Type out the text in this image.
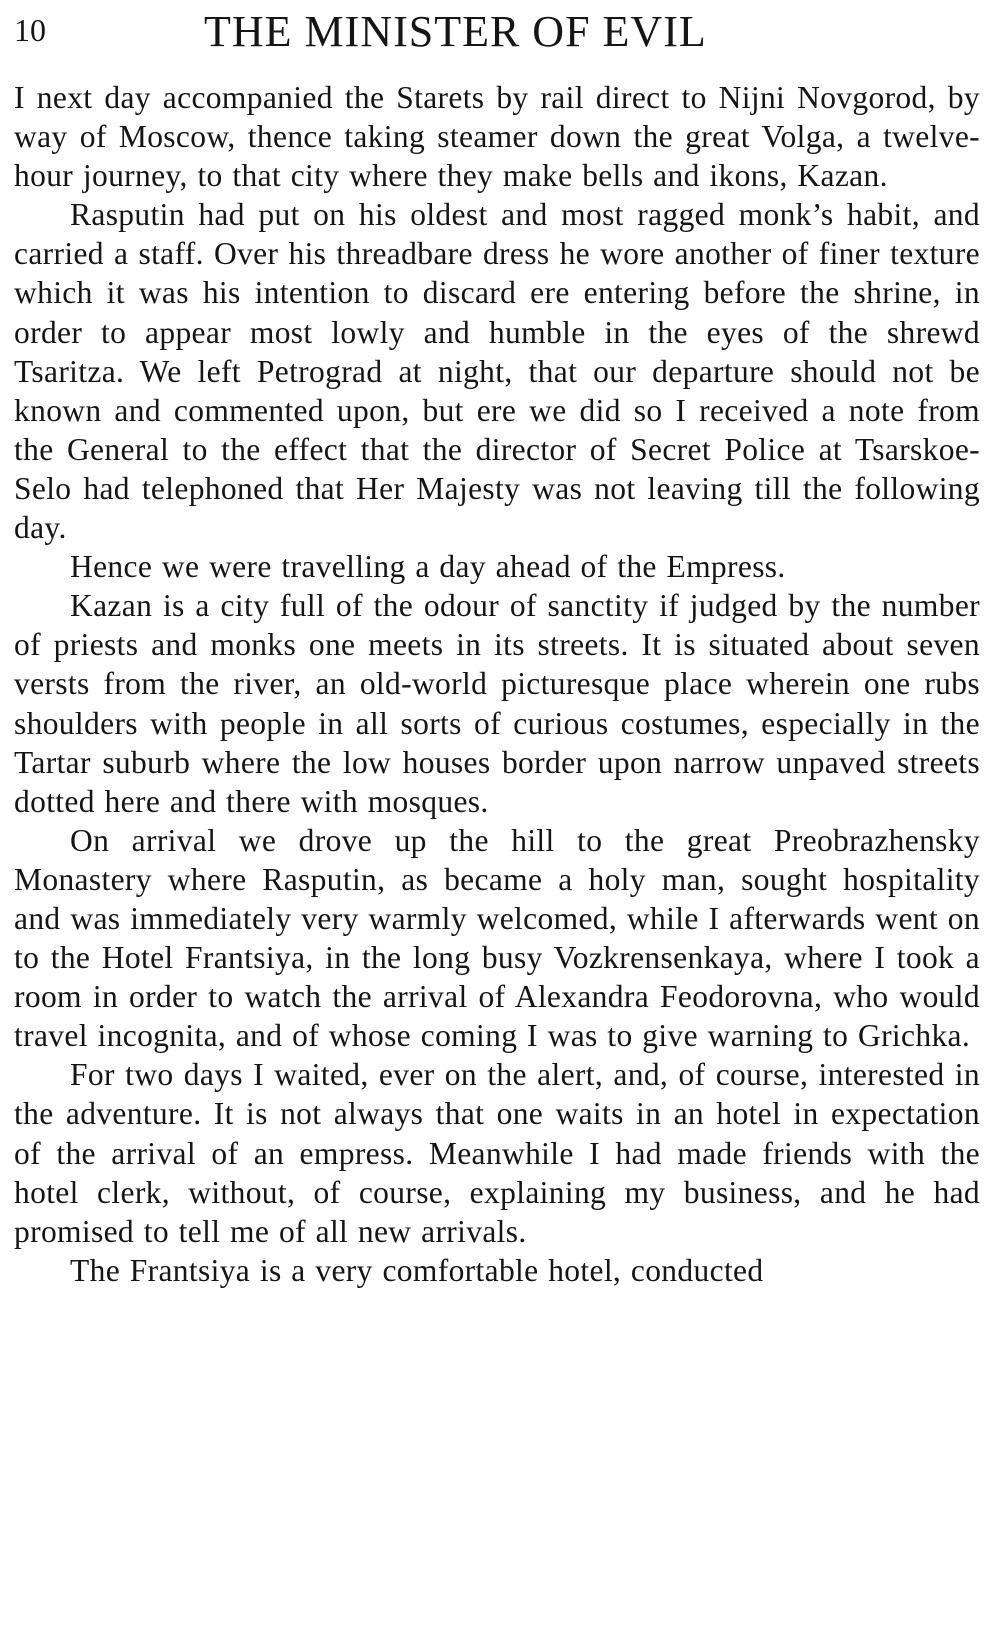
10	THE MINISTER OF EVIL

I next day accompanied the Starets by rail direct to Nijni Novgorod, by way of Moscow, thence taking steamer down the great Volga, a twelve-hour journey, to that city where they make bells and ikons, Kazan.

Rasputin had put on his oldest and most ragged monk’s habit, and carried a staff. Over his threadbare dress he wore another of finer texture which it was his intention to discard ere entering before the shrine, in order to appear most lowly and humble in the eyes of the shrewd Tsaritza. We left Petrograd at night, that our departure should not be known and commented upon, but ere we did so I received a note from the General to the effect that the director of Secret Police at Tsarskoe-Selo had telephoned that Her Majesty was not leaving till the following day.

Hence we were travelling a day ahead of the Empress.

Kazan is a city full of the odour of sanctity if judged by the number of priests and monks one meets in its streets. It is situated about seven versts from the river, an old-world picturesque place wherein one rubs shoulders with people in all sorts of curious costumes, especially in the Tartar suburb where the low houses border upon narrow unpaved streets dotted here and there with mosques.

On arrival we drove up the hill to the great Preobrazhensky Monastery where Rasputin, as became a holy man, sought hospitality and was immediately very warmly welcomed, while I afterwards went on to the Hotel Frantsiya, in the long busy Vozkrensenkaya, where I took a room in order to watch the arrival of Alexandra Feodorovna, who would travel incognita, and of whose coming I was to give warning to Grichka.

For two days I waited, ever on the alert, and, of course, interested in the adventure. It is not always that one waits in an hotel in expectation of the arrival of an empress. Meanwhile I had made friends with the hotel clerk, without, of course, explaining my business, and he had promised to tell me of all new arrivals.

The Frantsiya is a very comfortable hotel, conducted
